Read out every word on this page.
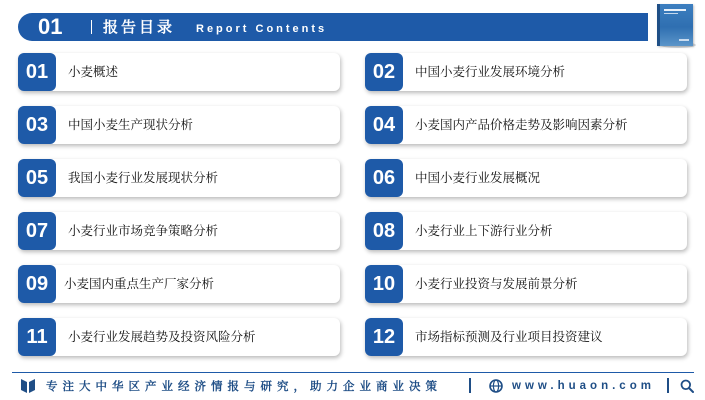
01	报告目录 Report Contents
01	小麦概述	02	中国小麦行业发展环境分析
03	中国小麦生产现状分析	04	小麦国内产品价格走势及影响因素分析
05	我国小麦行业发展现状分析	06	中国小麦行业发展概况
07	小麦行业市场竞争策略分析	08	小麦行业上下游行业分析
09	小麦国内重点生产厂家分析	10	小麦行业投资与发展前景分析
11	小麦行业发展趋势及投资风险分析	12	市场指标预测及行业项目投资建议
专注大中华区产业经济情报与研究，助力企业商业决策	www.huaon.com
